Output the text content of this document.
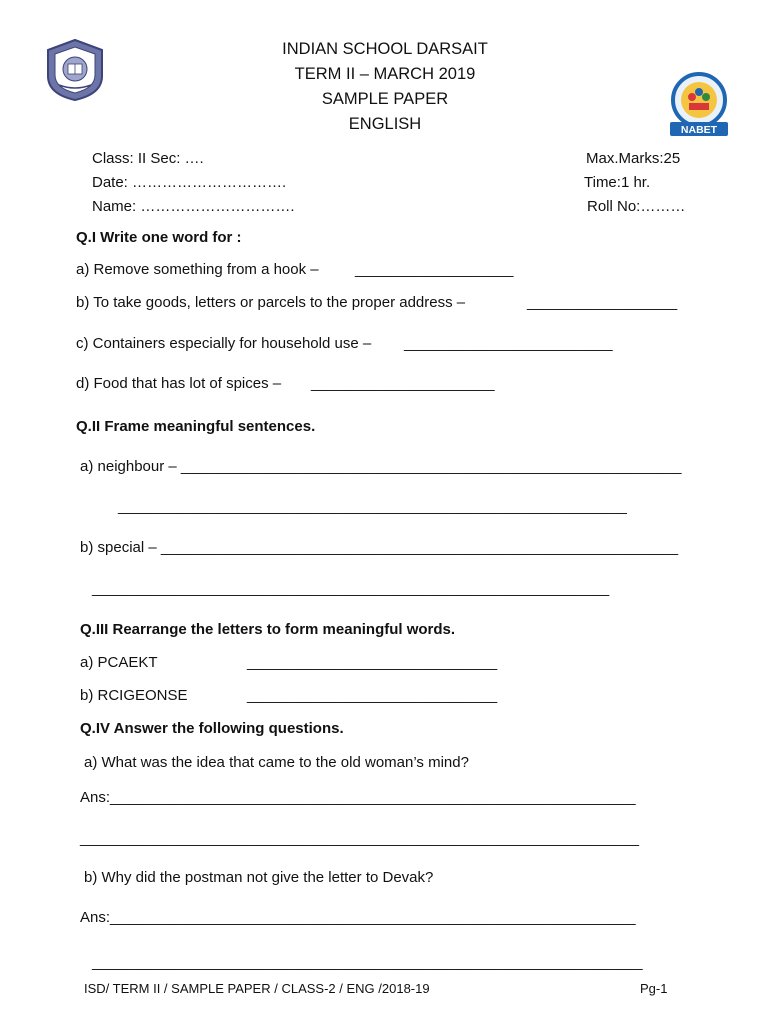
NABET
INDIAN SCHOOL DARSAIT
TERM II – MARCH 2019
SAMPLE PAPER
ENGLISH
Class: II Sec: ….
Date: ………………………….
Name: ………………………….
Max.Marks:25
Time:1 hr.
Roll No:………
Q.I Write one word for :
a) Remove something from a hook – ___________________
b) To take goods, letters or parcels to the proper address –	__________________
c) Containers especially for household use – _________________________
d) Food that has lot of spices – ______________________
Q.II Frame meaningful sentences.
a) neighbour – ____________________________________________________________
_____________________________________________________________
b) special – ______________________________________________________________
______________________________________________________________
Q.III Rearrange the letters to form meaningful words.
a) PCAEKT	______________________________
b) RCIGEONSE	______________________________
Q.IV Answer the following questions.
a) What was the idea that came to the old woman’s mind?
Ans:_______________________________________________________________
___________________________________________________________________
b) Why did the postman not give the letter to Devak?
Ans:_______________________________________________________________
__________________________________________________________________
ISD/ TERM II / SAMPLE PAPER / CLASS-2 / ENG /2018-19	Pg-1
